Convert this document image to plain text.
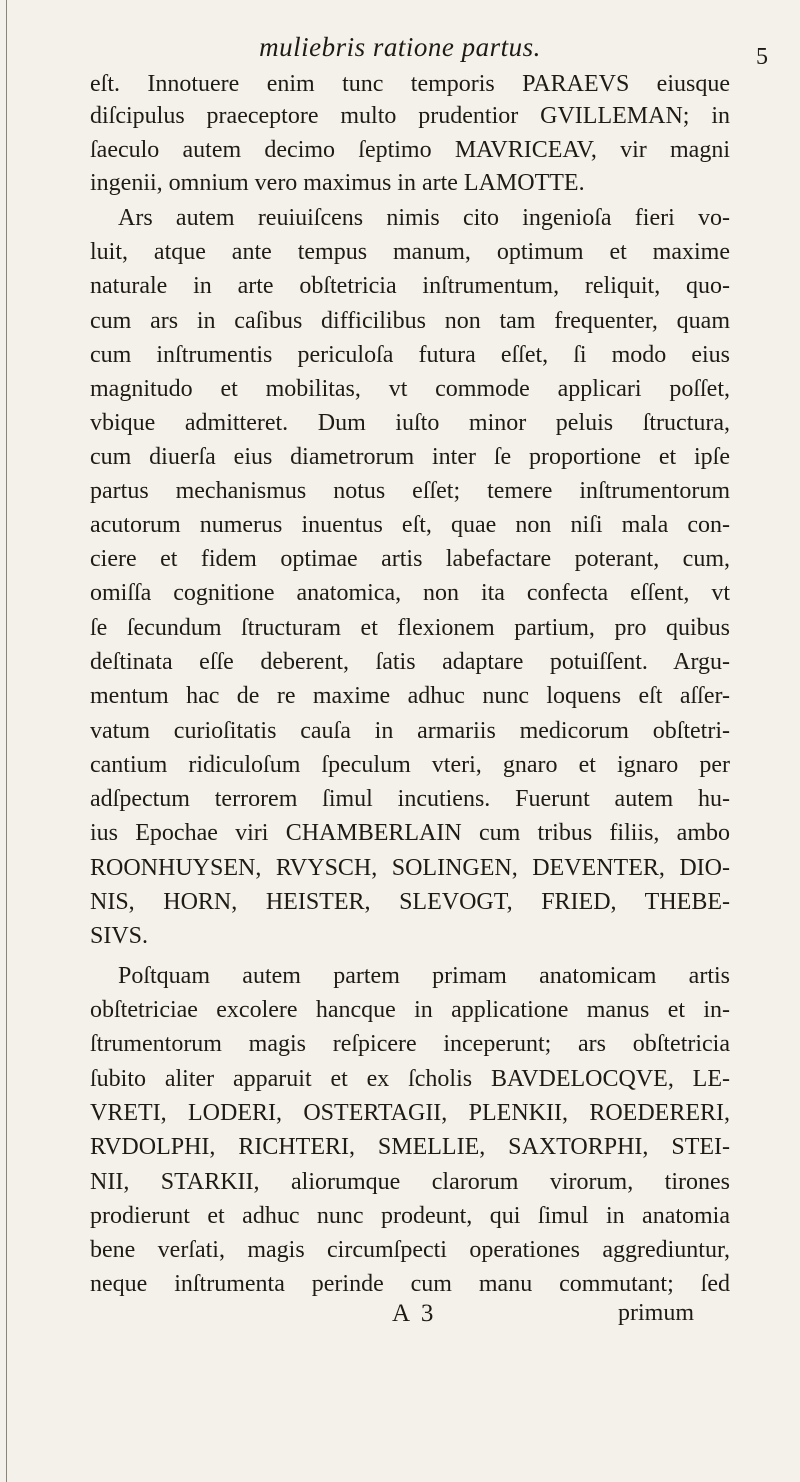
muliebris ratione partus.	5
eſt. Innotuere enim tunc temporis PARAEVS eiusque
diſcipulus praeceptore multo prudentior GVILLEMAN; in
ſaeculo autem decimo ſeptimo MAVRICEAV, vir magni
ingenii, omnium vero maximus in arte LAMOTTE.
Ars autem reuiuiſcens nimis cito ingenioſa fieri vo-
luit, atque ante tempus manum, optimum et maxime
naturale in arte obſtetricia inſtrumentum, reliquit, quo-
cum ars in caſibus difficilibus non tam frequenter, quam
cum inſtrumentis periculoſa futura eſſet, ſi modo eius
magnitudo et mobilitas, vt commode applicari poſſet,
vbique admitteret. Dum iuſto minor peluis ſtructura,
cum diuerſa eius diametrorum inter ſe proportione et ipſe
partus mechanismus notus eſſet; temere inſtrumentorum
acutorum numerus inuentus eſt, quae non niſi mala con-
ciere et fidem optimae artis labefactare poterant, cum,
omiſſa cognitione anatomica, non ita confecta eſſent, vt
ſe ſecundum ſtructuram et flexionem partium, pro quibus
deſtinata eſſe deberent, ſatis adaptare potuiſſent. Argu-
mentum hac de re maxime adhuc nunc loquens eſt aſſer-
vatum curioſitatis cauſa in armariis medicorum obſtetri-
cantium ridiculoſum ſpeculum vteri, gnaro et ignaro per
adſpectum terrorem ſimul incutiens. Fuerunt autem hu-
ius Epochae viri CHAMBERLAIN cum tribus filiis, ambo
ROONHUYSEN, RVYSCH, SOLINGEN, DEVENTER, DIO-
NIS, HORN, HEISTER, SLEVOGT, FRIED, THEBE-
SIVS.
Poſtquam autem partem primam anatomicam artis
obſtetriciae excolere hancque in applicatione manus et in-
ſtrumentorum magis reſpicere inceperunt; ars obſtetricia
ſubito aliter apparuit et ex ſcholis BAVDELOCQVE, LE-
VRETI, LODERI, OSTERTAGII, PLENKII, ROEDERERI,
RVDOLPHI, RICHTERI, SMELLIE, SAXTORPHI, STEI-
NII, STARKII, aliorumque clarorum virorum, tirones
prodierunt et adhuc nunc prodeunt, qui ſimul in anatomia
bene verſati, magis circumſpecti operationes aggrediuntur,
neque inſtrumenta perinde cum manu commutant; ſed
A 3	primum
